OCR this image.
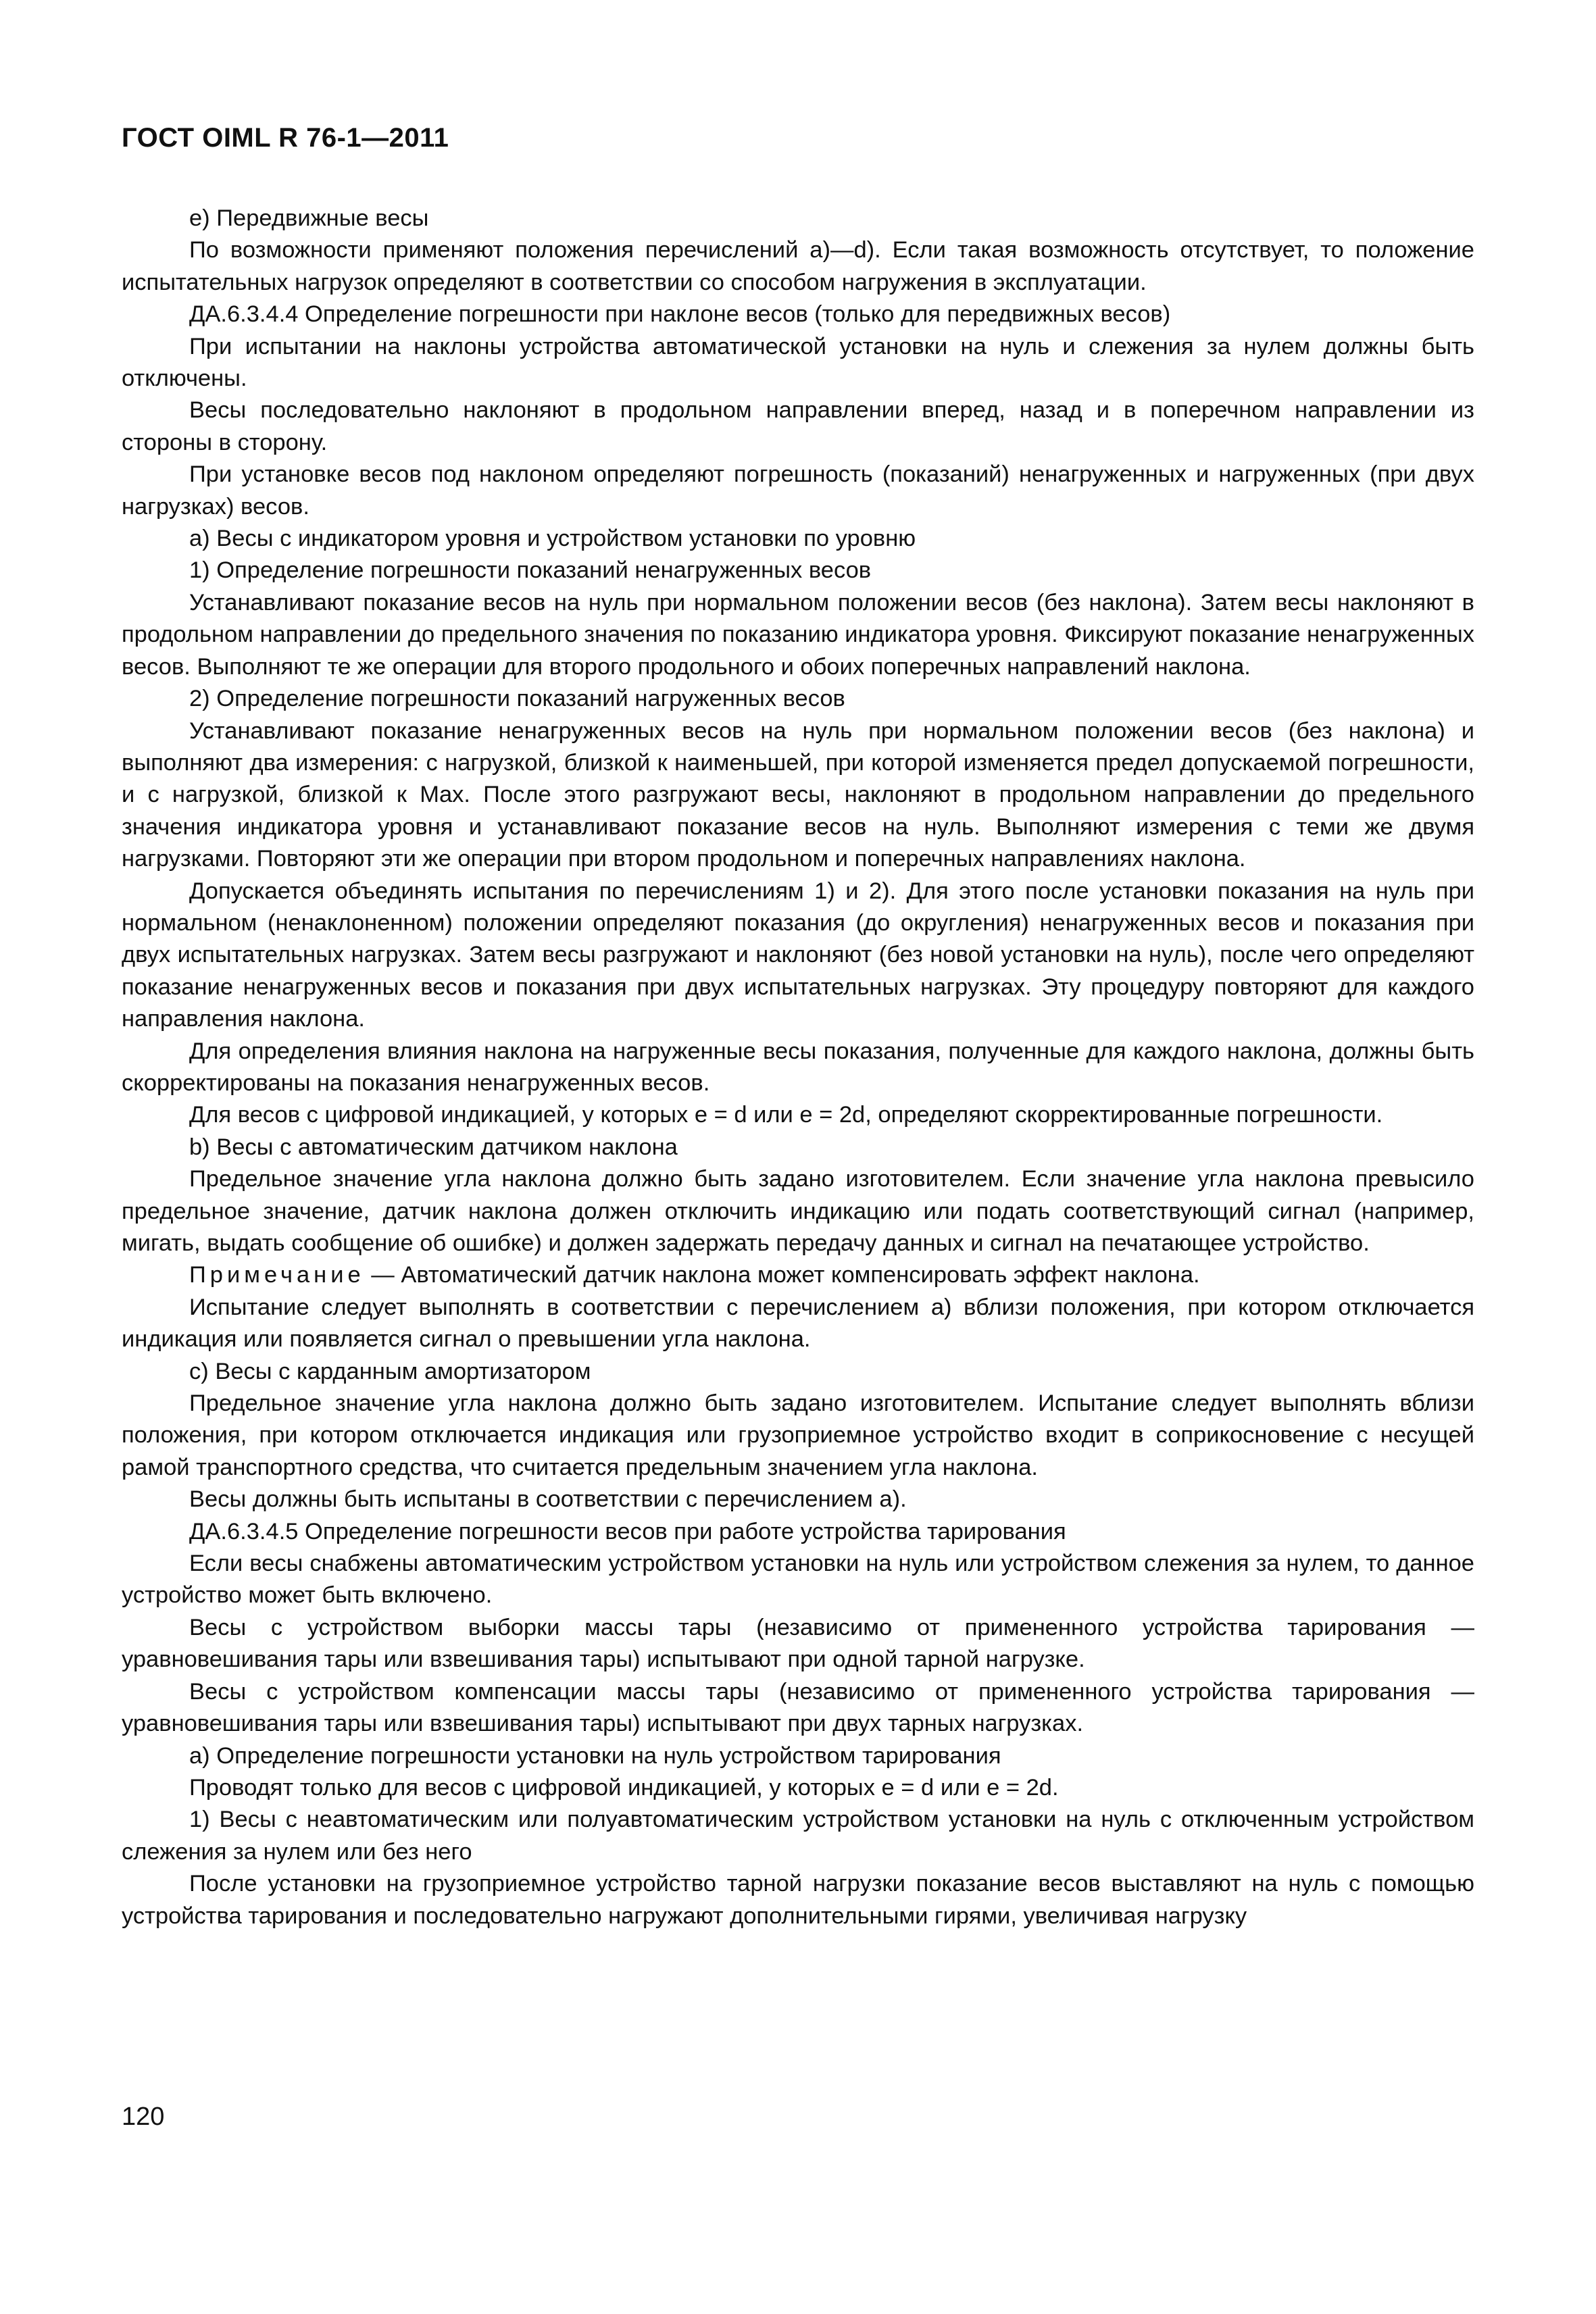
ГОСТ OIML R 76-1—2011

e) Передвижные весы

По возможности применяют положения перечислений a)—d). Если такая возможность отсутствует, то положение испытательных нагрузок определяют в соответствии со способом нагружения в эксплуатации.

ДА.6.3.4.4 Определение погрешности при наклоне весов (только для передвижных весов)

При испытании на наклоны устройства автоматической установки на нуль и слежения за нулем должны быть отключены.

Весы последовательно наклоняют в продольном направлении вперед, назад и в поперечном направлении из стороны в сторону.

При установке весов под наклоном определяют погрешность (показаний) ненагруженных и нагруженных (при двух нагрузках) весов.

a) Весы с индикатором уровня и устройством установки по уровню

1) Определение погрешности показаний ненагруженных весов

Устанавливают показание весов на нуль при нормальном положении весов (без наклона). Затем весы наклоняют в продольном направлении до предельного значения по показанию индикатора уровня. Фиксируют показание ненагруженных весов. Выполняют те же операции для второго продольного и обоих поперечных направлений наклона.

2) Определение погрешности показаний нагруженных весов

Устанавливают показание ненагруженных весов на нуль при нормальном положении весов (без наклона) и выполняют два измерения: с нагрузкой, близкой к наименьшей, при которой изменяется предел допускаемой погрешности, и с нагрузкой, близкой к Max. После этого разгружают весы, наклоняют в продольном направлении до предельного значения индикатора уровня и устанавливают показание весов на нуль. Выполняют измерения с теми же двумя нагрузками. Повторяют эти же операции при втором продольном и поперечных направлениях наклона.

Допускается объединять испытания по перечислениям 1) и 2). Для этого после установки показания на нуль при нормальном (ненаклоненном) положении определяют показания (до округления) ненагруженных весов и показания при двух испытательных нагрузках. Затем весы разгружают и наклоняют (без новой установки на нуль), после чего определяют показание ненагруженных весов и показания при двух испытательных нагрузках. Эту процедуру повторяют для каждого направления наклона.

Для определения влияния наклона на нагруженные весы показания, полученные для каждого наклона, должны быть скорректированы на показания ненагруженных весов.

Для весов с цифровой индикацией, у которых e = d или e = 2d, определяют скорректированные погрешности.

b) Весы с автоматическим датчиком наклона

Предельное значение угла наклона должно быть задано изготовителем. Если значение угла наклона превысило предельное значение, датчик наклона должен отключить индикацию или подать соответствующий сигнал (например, мигать, выдать сообщение об ошибке) и должен задержать передачу данных и сигнал на печатающее устройство.

Примечание — Автоматический датчик наклона может компенсировать эффект наклона.

Испытание следует выполнять в соответствии с перечислением a) вблизи положения, при котором отключается индикация или появляется сигнал о превышении угла наклона.

c) Весы с карданным амортизатором

Предельное значение угла наклона должно быть задано изготовителем. Испытание следует выполнять вблизи положения, при котором отключается индикация или грузоприемное устройство входит в соприкосновение с несущей рамой транспортного средства, что считается предельным значением угла наклона.

Весы должны быть испытаны в соответствии с перечислением a).

ДА.6.3.4.5 Определение погрешности весов при работе устройства тарирования

Если весы снабжены автоматическим устройством установки на нуль или устройством слежения за нулем, то данное устройство может быть включено.

Весы с устройством выборки массы тары (независимо от примененного устройства тарирования — уравновешивания тары или взвешивания тары) испытывают при одной тарной нагрузке.

Весы с устройством компенсации массы тары (независимо от примененного устройства тарирования — уравновешивания тары или взвешивания тары) испытывают при двух тарных нагрузках.

a) Определение погрешности установки на нуль устройством тарирования

Проводят только для весов с цифровой индикацией, у которых e = d или e = 2d.

1) Весы с неавтоматическим или полуавтоматическим устройством установки на нуль с отключенным устройством слежения за нулем или без него

После установки на грузоприемное устройство тарной нагрузки показание весов выставляют на нуль с помощью устройства тарирования и последовательно нагружают дополнительными гирями, увеличивая нагрузку

120
